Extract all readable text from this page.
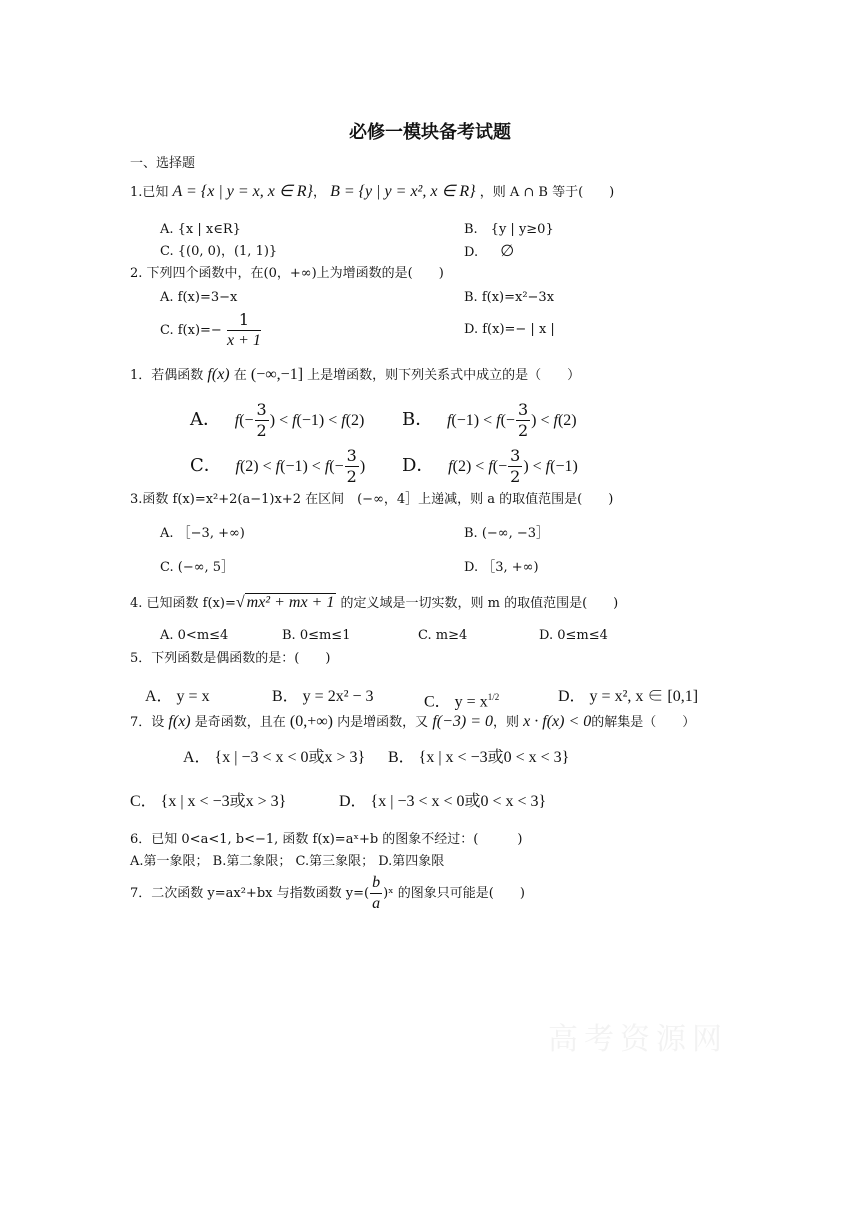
必修一模块备考试题
一、选择题
1.已知 A = {x | y = x, x ∈ R}， B = {y | y = x², x ∈ R} ，则 A ∩ B 等于(　　)
A. {x | x∈R}	B.　{y | y≥0}
C. {(0, 0)，(1, 1)}	D. ∅
2. 下列四个函数中，在(0，+∞)上为增函数的是(　　)
A. f(x)=3−x	B. f(x)=x²−3x
C. $f(x)=- \frac{1}{x + 1}$	D. f(x)=− | x |
1．若偶函数 f(x) 在 (−∞,−1] 上是增函数，则下列关系式中成立的是（　　）
A． $f(- \frac{3}{2}$ ) < f(−1) < f(2) B． $f(-1) < f(- \frac{3}{2}$ ) < f(2)
C． $f(2) < f(-1) < f(- \frac{3}{2}$ ) D． $f(2) < f(- \frac{3}{2}$ ) < f(−1)
3.函数 f(x)=x²+2(a−1)x+2 在区间　(−∞，4］上递减，则 a 的取值范围是(　　)
A. ［−3, +∞)	B. (−∞, −3］
C. (−∞, 5］	D. ［3, +∞)
4. 已知函数 f(x)=√ mx² + mx + 1 的定义域是一切实数，则 m 的取值范围是(　　)
A. 0<m≤4	B. 0≤m≤1	C. m≥4	D. 0≤m≤4
5．下列函数是偶函数的是：(　　)
A． y = x	B． y = 2x² − 3	C． $y = x^{1/2}$	D． y = x², x ∈ [0,1]
7．设 f(x) 是奇函数，且在 (0,+∞) 内是增函数，又 f(−3) = 0，则 x · f(x) < 0的解集是（　　）
A． {x | −3 < x < 0或x > 3} B． {x | x < −3或0 < x < 3}
C． {x | x < −3或x > 3}	D． {x | −3 < x < 0或0 < x < 3}
6．已知 0<a<1, b<−1, 函数 f(x)=aˣ+b 的图象不经过：(　　　)
A.第一象限； B.第二象限； C.第三象限； D.第四象限
7．二次函数 y=ax²+bx 与指数函数 $y=( \frac{b}{a}$ )ˣ 的图象只可能是(　　)
高考资源网
